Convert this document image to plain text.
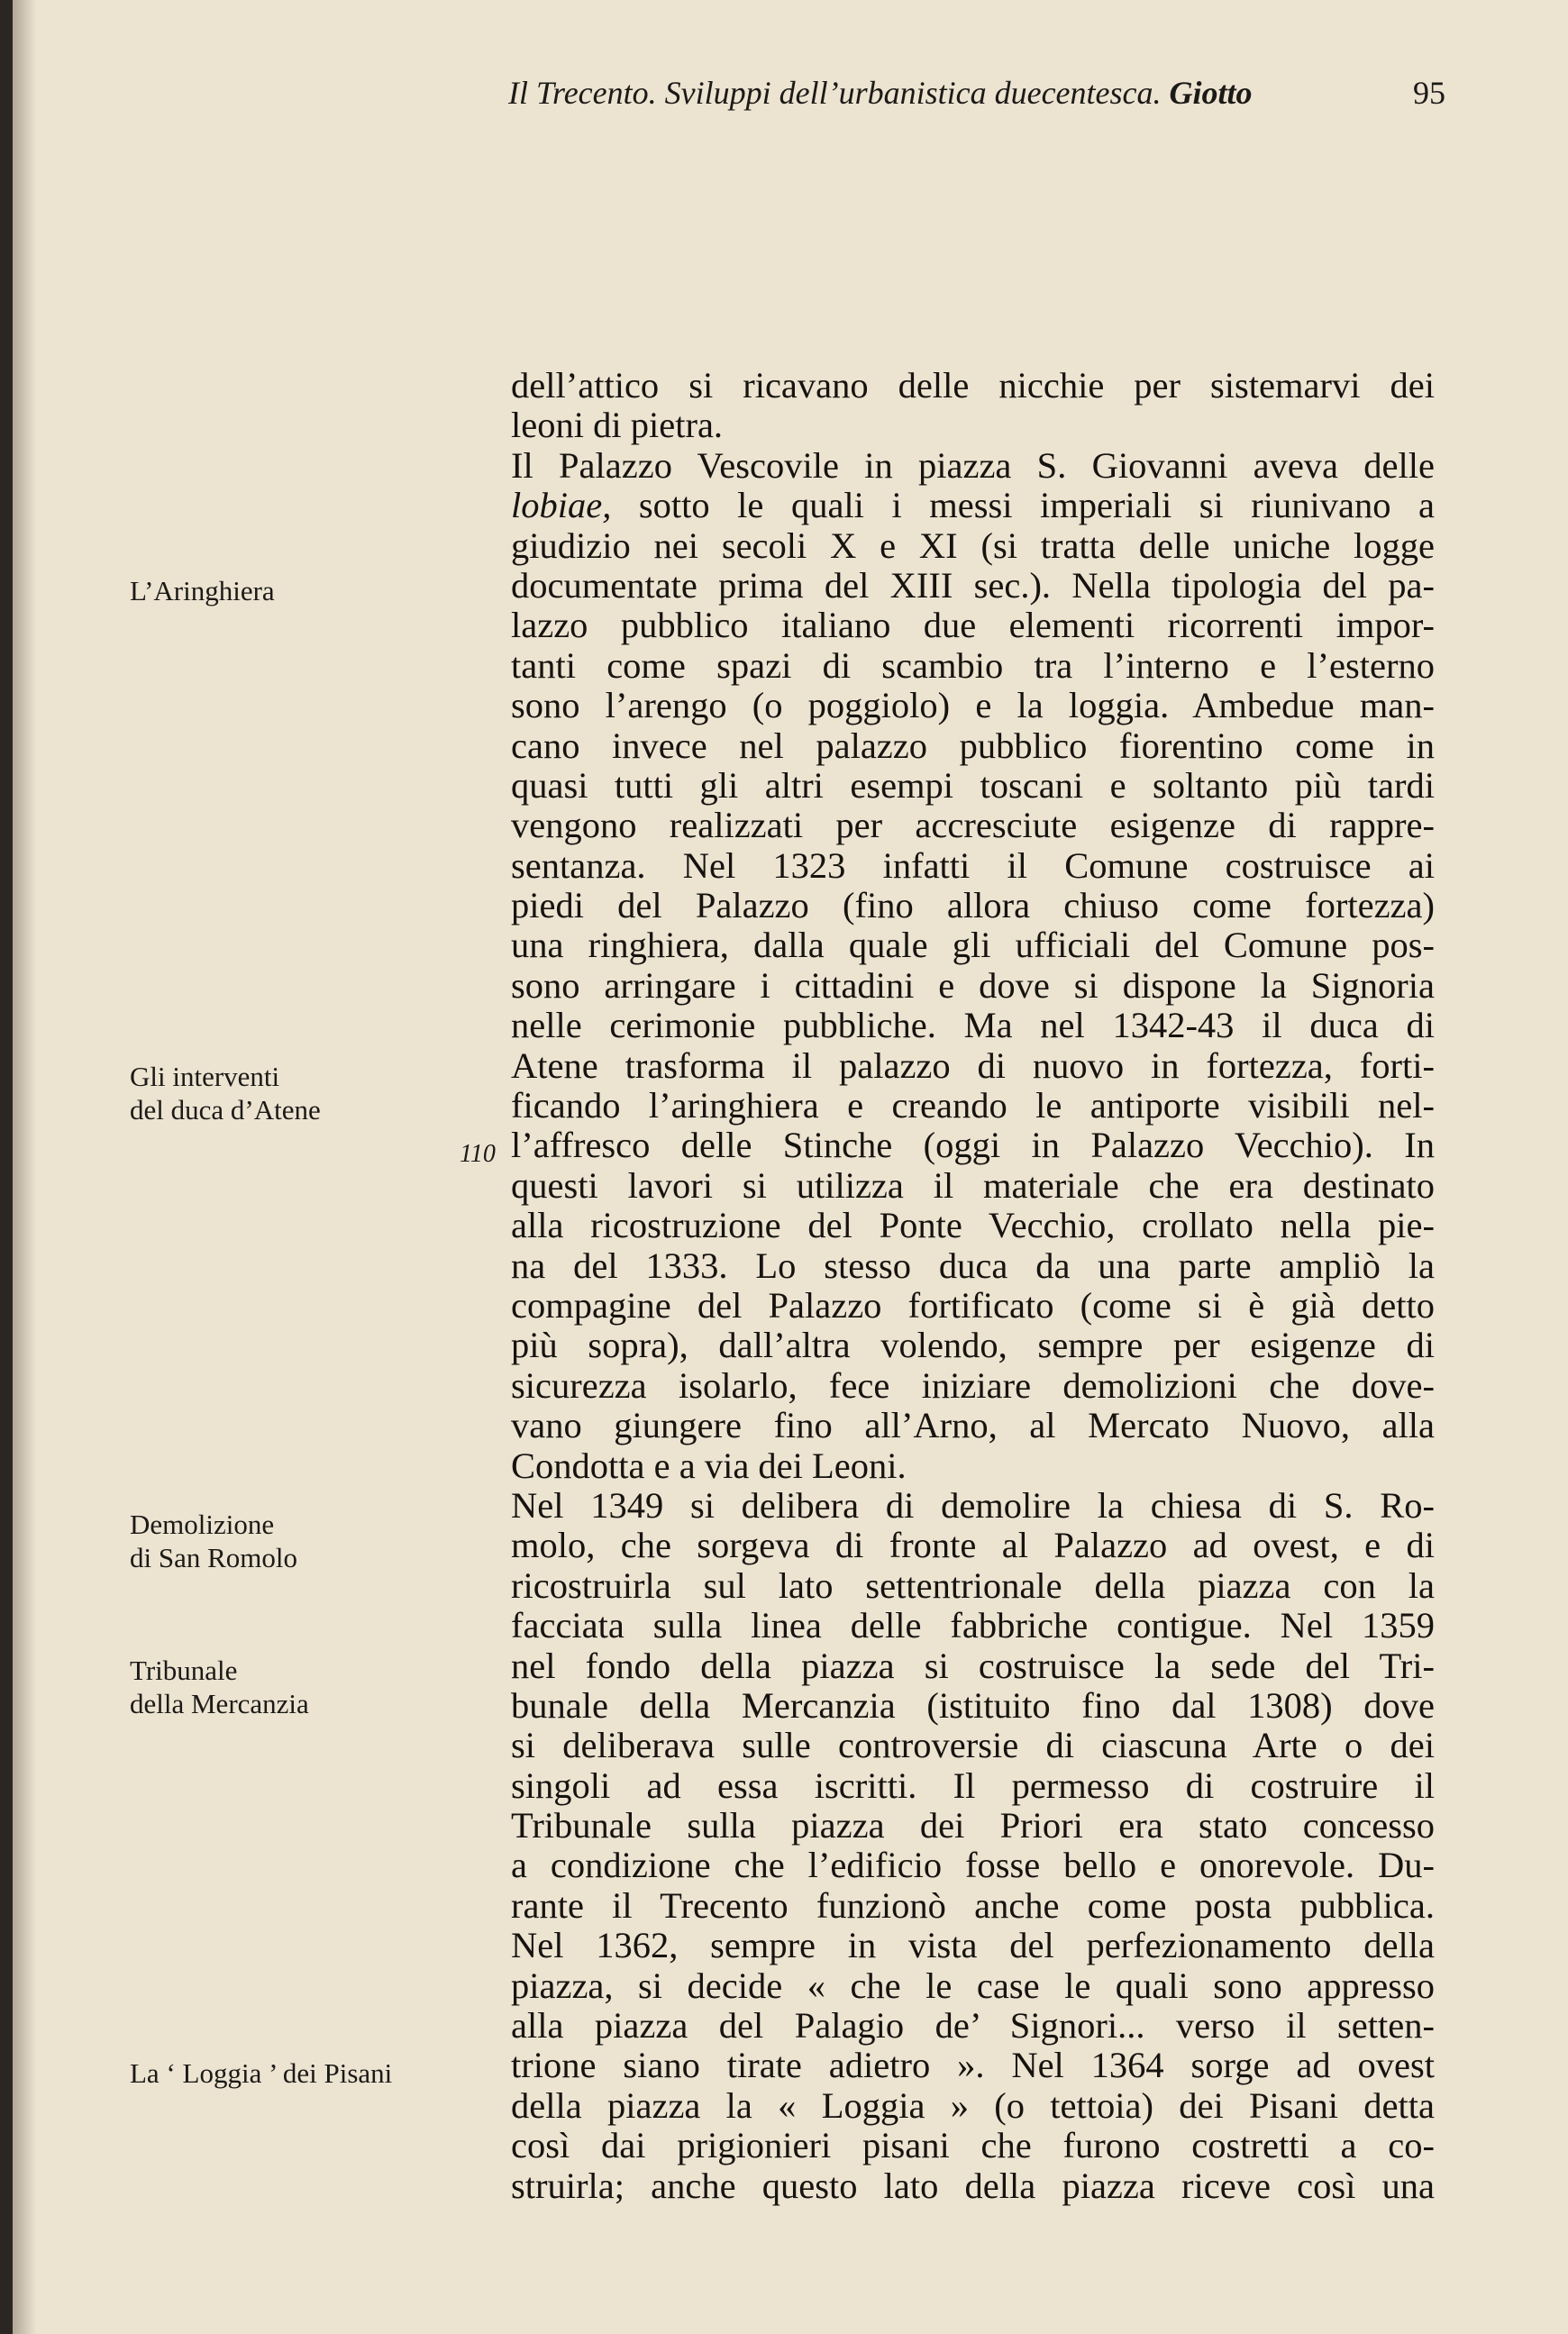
Il Trecento. Sviluppi dell’urbanistica duecentesca. Giotto	95
L’Aringhiera
Gli interventi
del duca d’Atene
110
Demolizione
di San Romolo
Tribunale
della Mercanzia
La ‘ Loggia ’ dei Pisani
dell’attico si ricavano delle nicchie per sistemarvi dei
leoni di pietra.
Il Palazzo Vescovile in piazza S. Giovanni aveva delle
lobiae, sotto le quali i messi imperiali si riunivano a
giudizio nei secoli X e XI (si tratta delle uniche logge
documentate prima del XIII sec.). Nella tipologia del pa-
lazzo pubblico italiano due elementi ricorrenti impor-
tanti come spazi di scambio tra l’interno e l’esterno
sono l’arengo (o poggiolo) e la loggia. Ambedue man-
cano invece nel palazzo pubblico fiorentino come in
quasi tutti gli altri esempi toscani e soltanto più tardi
vengono realizzati per accresciute esigenze di rappre-
sentanza. Nel 1323 infatti il Comune costruisce ai
piedi del Palazzo (fino allora chiuso come fortezza)
una ringhiera, dalla quale gli ufficiali del Comune pos-
sono arringare i cittadini e dove si dispone la Signoria
nelle cerimonie pubbliche. Ma nel 1342-43 il duca di
Atene trasforma il palazzo di nuovo in fortezza, forti-
ficando l’aringhiera e creando le antiporte visibili nel-
l’affresco delle Stinche (oggi in Palazzo Vecchio). In
questi lavori si utilizza il materiale che era destinato
alla ricostruzione del Ponte Vecchio, crollato nella pie-
na del 1333. Lo stesso duca da una parte ampliò la
compagine del Palazzo fortificato (come si è già detto
più sopra), dall’altra volendo, sempre per esigenze di
sicurezza isolarlo, fece iniziare demolizioni che dove-
vano giungere fino all’Arno, al Mercato Nuovo, alla
Condotta e a via dei Leoni.
Nel 1349 si delibera di demolire la chiesa di S. Ro-
molo, che sorgeva di fronte al Palazzo ad ovest, e di
ricostruirla sul lato settentrionale della piazza con la
facciata sulla linea delle fabbriche contigue. Nel 1359
nel fondo della piazza si costruisce la sede del Tri-
bunale della Mercanzia (istituito fino dal 1308) dove
si deliberava sulle controversie di ciascuna Arte o dei
singoli ad essa iscritti. Il permesso di costruire il
Tribunale sulla piazza dei Priori era stato concesso
a condizione che l’edificio fosse bello e onorevole. Du-
rante il Trecento funzionò anche come posta pubblica.
Nel 1362, sempre in vista del perfezionamento della
piazza, si decide « che le case le quali sono appresso
alla piazza del Palagio de’ Signori... verso il setten-
trione siano tirate adietro ». Nel 1364 sorge ad ovest
della piazza la « Loggia » (o tettoia) dei Pisani detta
così dai prigionieri pisani che furono costretti a co-
struirla; anche questo lato della piazza riceve così una
